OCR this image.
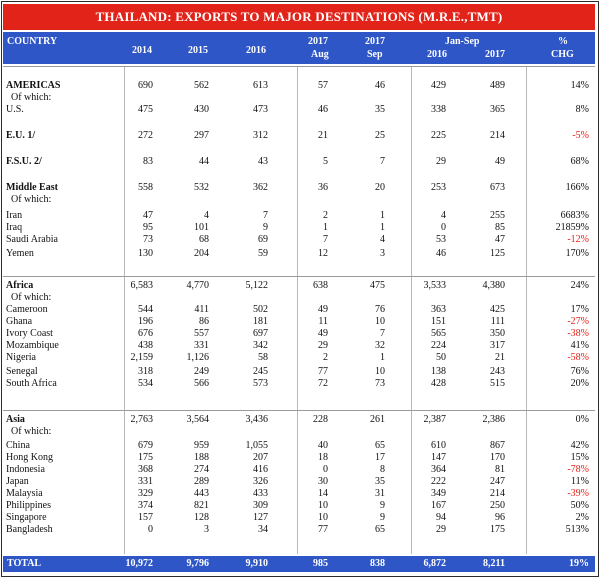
THAILAND: EXPORTS TO MAJOR DESTINATIONS (M.R.E.,TMT)
COUNTRY
2014	2015	2016
2017
Aug
2017
Sep
Jan-Sep
2016	2017
%
CHG
AMERICAS	690	562	613	57	46	429	489	14%
Of which:
U.S.	475	430	473	46	35	338	365	8%
E.U. 1/	272	297	312	21	25	225	214	-5%
F.S.U. 2/	83	44	43	5	7	29	49	68%
Middle East	558	532	362	36	20	253	673	166%
Of which:
Iran	47	4	7	2	1	4	255	6683%
Iraq	95	101	9	1	1	0	85	21859%
Saudi Arabia	73	68	69	7	4	53	47	-12%
Yemen	130	204	59	12	3	46	125	170%
Africa	6,583	4,770	5,122	638	475	3,533	4,380	24%
Of which:
Cameroon	544	411	502	49	76	363	425	17%
Ghana	196	86	181	11	10	151	111	-27%
Ivory Coast	676	557	697	49	7	565	350	-38%
Mozambique	438	331	342	29	32	224	317	41%
Nigeria	2,159	1,126	58	2	1	50	21	-58%
Senegal	318	249	245	77	10	138	243	76%
South Africa	534	566	573	72	73	428	515	20%
Asia	2,763	3,564	3,436	228	261	2,387	2,386	0%
Of which:
China	679	959	1,055	40	65	610	867	42%
Hong Kong	175	188	207	18	17	147	170	15%
Indonesia	368	274	416	0	8	364	81	-78%
Japan	331	289	326	30	35	222	247	11%
Malaysia	329	443	433	14	31	349	214	-39%
Philippines	374	821	309	10	9	167	250	50%
Singapore	157	128	127	10	9	94	96	2%
Bangladesh	0	3	34	77	65	29	175	513%
TOTAL	10,972	9,796	9,910	985	838	6,872	8,211	19%
